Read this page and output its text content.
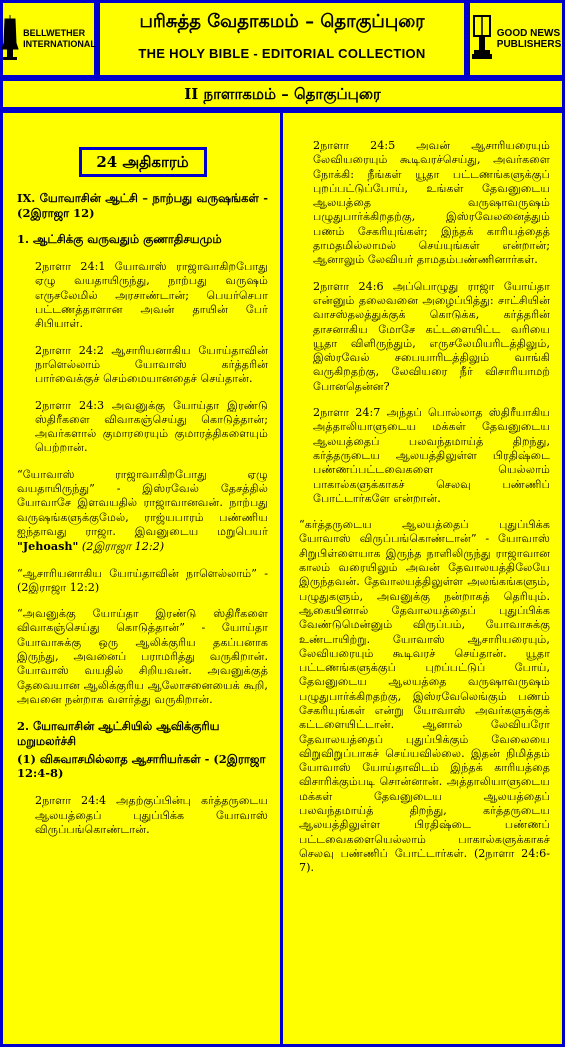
BELLWETHER
INTERNATIONAL
பரிசுத்த வேதாகமம் – தொகுப்புரை
THE HOLY BIBLE - EDITORIAL COLLECTION
GOOD NEWS
PUBLISHERS
II நாளாகமம் – தொகுப்புரை
24 அதிகாரம்
IX. யோவாசின் ஆட்சி – நாற்பது வருஷங்கள் - (2இராஜா 12)
1. ஆட்சிக்கு வருவதும் குணாதிசயமும்

2நாளா 24:1 யோவாஸ் ராஜாவாகிறபோது ஏழு வயதாயிருந்து, நாற்பது வருஷம் எருசலேமில் அரசாண்டான்; பெயர்செபா பட்டணத்தாளான அவன் தாயின் பேர் சிபியாள்.

2நாளா 24:2 ஆசாரியனாகிய யோய்தாவின் நாளெல்லாம் யோவாஸ் கர்த்தரின் பார்வைக்குச் செம்மையானதைச் செய்தான்.

2நாளா 24:3 அவனுக்கு யோய்தா இரண்டு ஸ்திரீகளை விவாகஞ்செய்து கொடுத்தான்; அவர்களால் குமாரரையும் குமாரத்திகளையும் பெற்றான்.

“யோவாஸ் ராஜாவாகிறபோது ஏழு வயதாயிருந்து” - இஸ்ரவேல் தேசத்தில் யோவாசே இளவயதில் ராஜாவானவன். நாற்பது வருஷங்களுக்குமேல், ராஜ்யபாரம் பண்ணிய ஐந்தாவது ராஜா. இவனுடைய மறுபெயர் "Jehoash" (2இராஜா 12:2)

“ஆசாரியனாகிய யோய்தாவின் நாளெல்லாம்” - (2இராஜா 12:2)

“அவனுக்கு யோய்தா இரண்டு ஸ்திரீகளை விவாகஞ்செய்து கொடுத்தான்” - யோய்தா யோவாசுக்கு ஒரு ஆலிக்குரிய தகப்பனாக இருந்து, அவனைப் பராமரித்து வருகிறான். யோவாஸ் வயதில் சிறியவன். அவனுக்குத் தேவையான ஆலிக்குரிய ஆலோசனையைக் கூறி, அவனை நன்றாக வளர்த்து வருகிறான்.

2. யோவாசின் ஆட்சியில் ஆவிக்குரிய மறுமலர்ச்சி
(1) விசுவாசமில்லாத ஆசாரியர்கள் - (2இராஜா 12:4-8)

2நாளா 24:4 அதற்குப்பின்பு கர்த்தருடைய ஆலயத்தைப் புதுப்பிக்க யோவாஸ் விருப்பங்கொண்டான்.

2நாளா 24:5 அவன் ஆசாரியரையும் லேவியரையும் கூடிவரச்செய்து, அவர்களை நோக்கி: நீங்கள் யூதா பட்டணங்களுக்குப் புறப்பட்டுப்போய், உங்கள் தேவனுடைய ஆலயத்தை வருஷாவருஷம் பழுதுபார்க்கிறதற்கு, இஸ்ரவேலனைத்தும் பணம் சேகரியுங்கள்; இந்தக் காரியத்தைத் தாமதமில்லாமல் செய்யுங்கள் என்றான்; ஆனாலும் லேவியர் தாமதம்பண்ணினார்கள்.

2நாளா 24:6 அப்பொழுது ராஜா யோய்தா என்னும் தலைவனை அழைப்பித்து: சாட்சியின் வாசஸ்தலத்துக்குக் கொடுக்க, கர்த்தரின் தாசனாகிய மோசே கட்டளையிட்ட வரியை யூதா விளிருந்தும், எருசலேமியரிடத்திலும், இஸ்ரவேல் சபையாரிடத்திலும் வாங்கி வருகிறதற்கு, லேவியரை நீர் விசாரியாமற் போனதென்ன?

2நாளா 24:7 அந்தப் பொல்லாத ஸ்திரீயாகிய அத்தாலியாளுடைய மக்கள் தேவனுடைய ஆலயத்தைப் பலவந்தமாய்த் திறந்து, கர்த்தருடைய ஆலயத்திலுள்ள பிரதிஷ்டை பண்ணப்பட்டவைகளை யெல்லாம் பாகால்களுக்காகச் செலவு பண்ணிப் போட்டார்களே என்றான்.

“கர்த்தருடைய ஆலயத்தைப் புதுப்பிக்க யோவாஸ் விருப்பங்கொண்டான்” - யோவாஸ் சிறுபிள்ளையாக இருந்த நாளிலிருந்து ராஜாவான காலம் வரையிலும் அவன் தேவாலயத்திலேயே இருந்தவன். தேவாலயத்திலுள்ள அலங்கங்களும், பழுதுகளும், அவனுக்கு நன்றாகத் தெரியும். ஆகையினால் தேவாலயத்தைப் புதுப்பிக்க வேண்டுமென்னும் விருப்பம், யோவாசுக்கு உண்டாயிற்று. யோவாஸ் ஆசாரியரையும், லேவியரையும் கூடிவரச் செய்தான். யூதா பட்டணங்களுக்குப் புறப்பட்டுப் போய், தேவனுடைய ஆலயத்தை வருஷாவருஷம் பழுதுபார்க்கிறதற்கு, இஸ்ரவேலெங்கும் பணம் சேகரியுங்கள் என்று யோவாஸ் அவர்களுக்குக் கட்டளையிட்டான். ஆனால் லேவியரோ தேவாலயத்தைப் புதுப்பிக்கும் வேலையை விறுவிறுப்பாகச் செய்யவில்லை. இதன் நிமித்தம் யோவாஸ் யோய்தாவிடம் இந்தக் காரியத்தை விசாரிக்கும்படி சொன்னான். அத்தாலியாளுடைய மக்கள் தேவனுடைய ஆலயத்தைப் பலவந்தமாய்த் திறந்து, கர்த்தருடைய ஆலயத்திலுள்ள பிரதிஷ்டை பண்ணப் பட்டவைகளையெல்லாம் பாகால்களுக்காகச் செலவு பண்ணிப் போட்டார்கள். (2நாளா 24:6-7).
